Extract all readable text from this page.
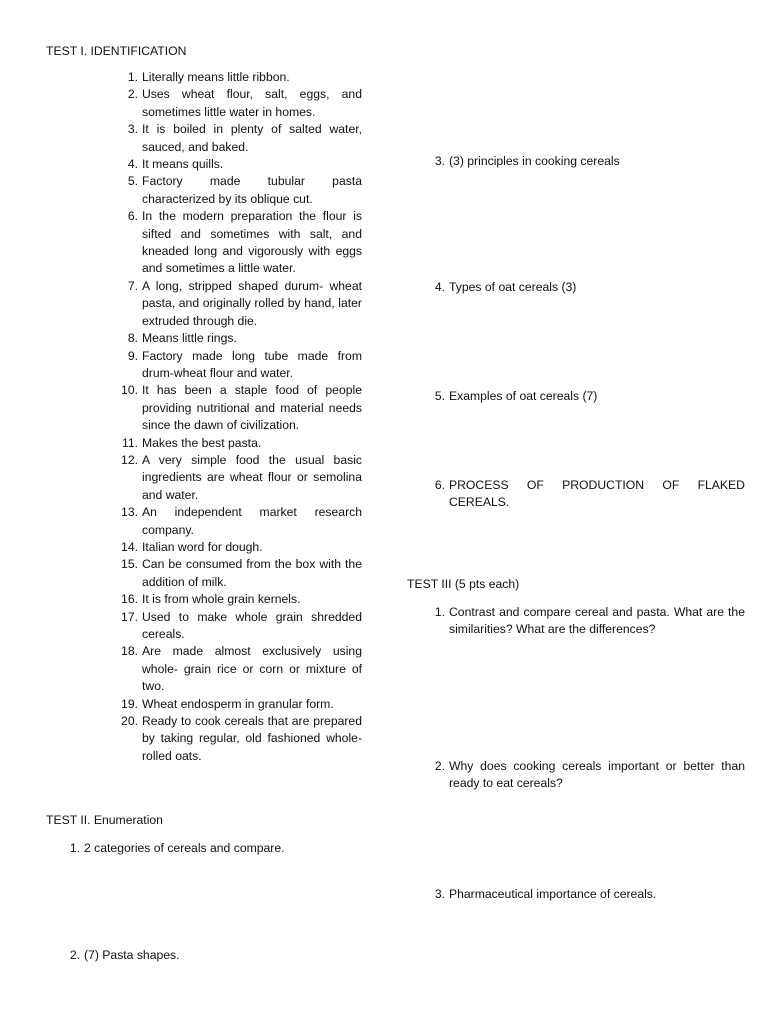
TEST I. IDENTIFICATION
1. Literally means little ribbon.
2. Uses wheat flour, salt, eggs, and sometimes little water in homes.
3. It is boiled in plenty of salted water, sauced, and baked.
4. It means quills.
5. Factory made tubular pasta characterized by its oblique cut.
6. In the modern preparation the flour is sifted and sometimes with salt, and kneaded long and vigorously with eggs and sometimes a little water.
7. A long, stripped shaped durum- wheat pasta, and originally rolled by hand, later extruded through die.
8. Means little rings.
9. Factory made long tube made from drum-wheat flour and water.
10. It has been a staple food of people providing nutritional and material needs since the dawn of civilization.
11. Makes the best pasta.
12. A very simple food the usual basic ingredients are wheat flour or semolina and water.
13. An independent market research company.
14. Italian word for dough.
15. Can be consumed from the box with the addition of milk.
16. It is from whole grain kernels.
17. Used to make whole grain shredded cereals.
18. Are made almost exclusively using whole- grain rice or corn or mixture of two.
19. Wheat endosperm in granular form.
20. Ready to cook cereals that are prepared by taking regular, old fashioned whole- rolled oats.
TEST II. Enumeration
1. 2 categories of cereals and compare.
2. (7) Pasta shapes.
3. (3) principles in cooking cereals
4. Types of oat cereals (3)
5. Examples of oat cereals (7)
6. PROCESS OF PRODUCTION OF FLAKED CEREALS.
TEST III (5 pts each)
1. Contrast and compare cereal and pasta. What are the similarities? What are the differences?
2. Why does cooking cereals important or better than ready to eat cereals?
3. Pharmaceutical importance of cereals.
